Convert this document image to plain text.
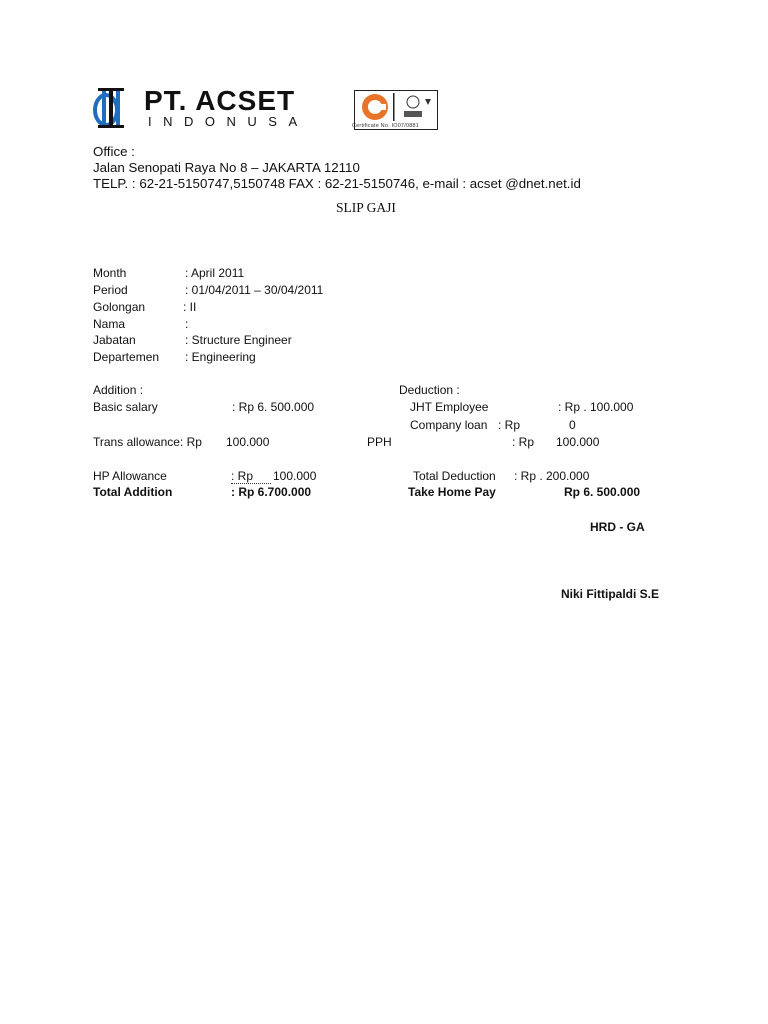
PT. ACSET
INDONUSA	Certificate No. IO07/0881
Office :
Jalan Senopati Raya No 8 – JAKARTA 12110
TELP. : 62-21-5150747,5150748 FAX : 62-21-5150746, e-mail : acset @dnet.net.id
SLIP GAJI
Month	: April 2011
Period	: 01/04/2011 – 30/04/2011
Golongan	: II
Nama	:
Jabatan	: Structure Engineer
Departemen : Engineering
Addition :
Basic salary	: Rp 6. 500.000
Trans allowance: Rp 100.000
HP Allowance	: Rp	100.000
Total Addition	: Rp 6.700.000
Deduction :
JHT Employee	: Rp . 100.000
Company loan : Rp	0
PPH	: Rp 100.000
Total Deduction : Rp . 200.000
Take Home Pay	Rp 6. 500.000
HRD - GA
Niki Fittipaldi S.E
